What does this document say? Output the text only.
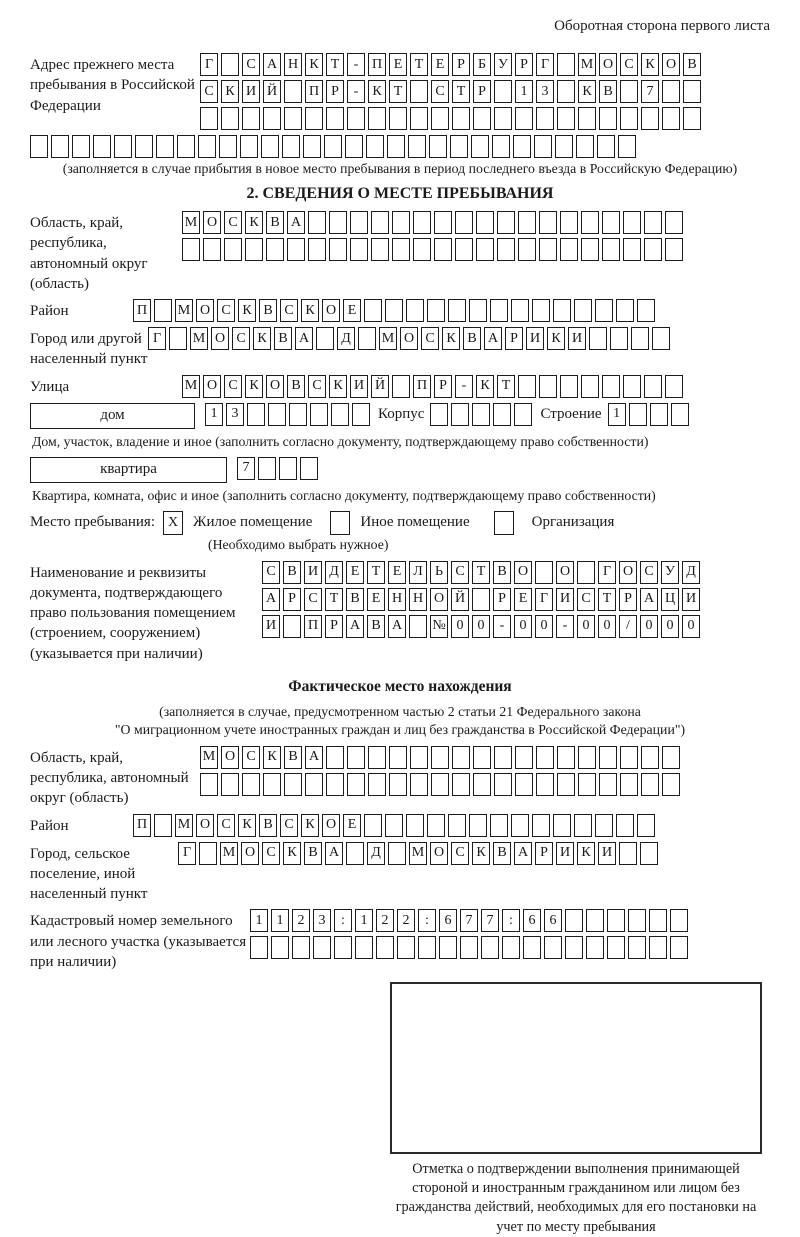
Оборотная сторона первого листа
Адрес прежнего места пребывания в Российской Федерации
Г	С А Н К Т	- П Е Т Е Р Б У Р Г	М О С К О В
С К И Й П Р	-	К Т	С Т Р	1	3	К В	7
(заполняется в случае прибытия в новое место пребывания в период последнего въезда в Российскую Федерацию)
2. СВЕДЕНИЯ О МЕСТЕ ПРЕБЫВАНИЯ
Область, край, республика, автономный округ (область)
М О С К В А
Район	П М О С К В С К О Е
Город или другой населенный пункт
Г	М О С К В А	Д	М О С К В А Р И К И
Улица	М О С К О В С К И Й П Р	-	К Т
дом	1	3	Корпус	Строение 1
Дом, участок, владение и иное (заполнить согласно документу, подтверждающему право собственности)
квартира	7
Квартира, комната, офис и иное (заполнить согласно документу, подтверждающему право собственности)
Место пребывания: X Жилое помещение	Иное помещение	Организация
(Необходимо выбрать нужное)
Наименование и реквизиты документа, подтверждающего право пользования помещением (строением, сооружением) (указывается при наличии)
С В И Д Е Т Е Л Ь С Т В О О	Г О С У Д
А Р С Т В Е Н Н О Й	Р Е Г И С Т Р А Ц И
И П Р А В А № 0	0	-	0	0	-	0	0	/	0	0	0
Фактическое место нахождения
(заполняется в случае, предусмотренном частью 2 статьи 21 Федерального закона
"О миграционном учете иностранных граждан и лиц без гражданства в Российской Федерации")
Область, край, республика, автономный округ (область)
М О С К В А
Район	П М О С К В С К О Е
Город, сельское поселение, иной населенный пункт
Г	М О С К В А	Д	М О С К В А Р И К И
Кадастровый номер земельного или лесного участка (указывается при наличии)
1	1	2	3	:	1	2	2	:	6	7	7	:	6	6
Отметка о подтверждении выполнения принимающей стороной и иностранным гражданином или лицом без гражданства действий, необходимых для его постановки на учет по месту пребывания
